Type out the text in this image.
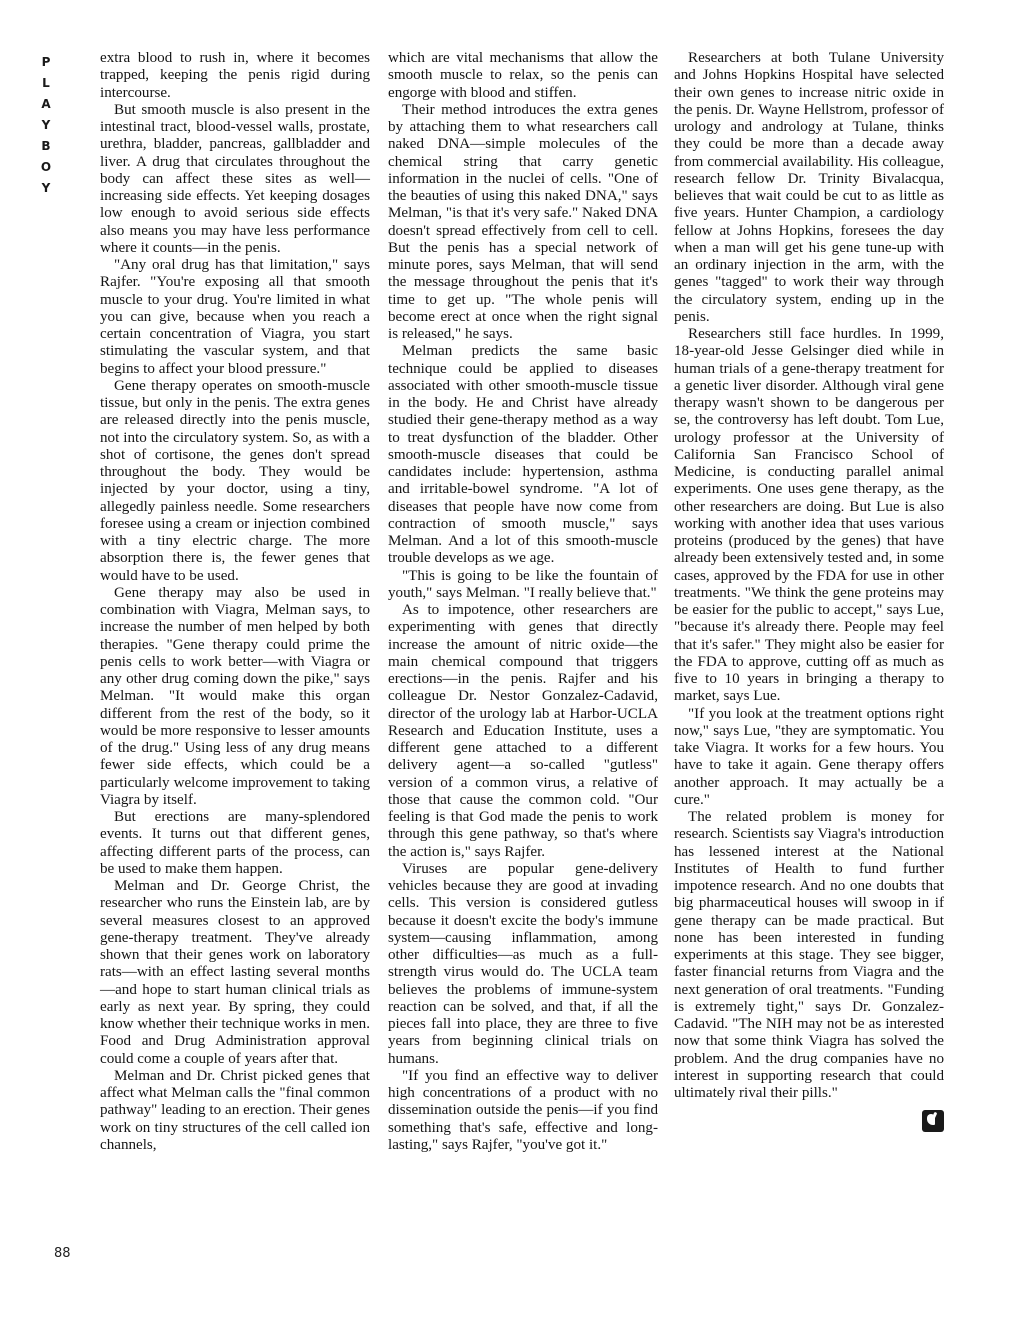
P
L
A
Y
B
O
Y
88

extra blood to rush in, where it becomes trapped, keeping the penis rigid during intercourse.

But smooth muscle is also present in the intestinal tract, blood-vessel walls, prostate, urethra, bladder, pancreas, gallbladder and liver. A drug that circulates throughout the body can affect these sites as well—increasing side effects. Yet keeping dosages low enough to avoid serious side effects also means you may have less performance where it counts—in the penis.

"Any oral drug has that limitation," says Rajfer. "You're exposing all that smooth muscle to your drug. You're limited in what you can give, because when you reach a certain concentration of Viagra, you start stimulating the vascular system, and that begins to affect your blood pressure."

Gene therapy operates on smooth-muscle tissue, but only in the penis. The extra genes are released directly into the penis muscle, not into the circulatory system. So, as with a shot of cortisone, the genes don't spread throughout the body. They would be injected by your doctor, using a tiny, allegedly painless needle. Some researchers foresee using a cream or injection combined with a tiny electric charge. The more absorption there is, the fewer genes that would have to be used.

Gene therapy may also be used in combination with Viagra, Melman says, to increase the number of men helped by both therapies. "Gene therapy could prime the penis cells to work better—with Viagra or any other drug coming down the pike," says Melman. "It would make this organ different from the rest of the body, so it would be more responsive to lesser amounts of the drug." Using less of any drug means fewer side effects, which could be a particularly welcome improvement to taking Viagra by itself.

But erections are many-splendored events. It turns out that different genes, affecting different parts of the process, can be used to make them happen.

Melman and Dr. George Christ, the researcher who runs the Einstein lab, are by several measures closest to an approved gene-therapy treatment. They've already shown that their genes work on laboratory rats—with an effect lasting several months—and hope to start human clinical trials as early as next year. By spring, they could know whether their technique works in men. Food and Drug Administration approval could come a couple of years after that.

Melman and Dr. Christ picked genes that affect what Melman calls the "final common pathway" leading to an erection. Their genes work on tiny structures of the cell called ion channels,

which are vital mechanisms that allow the smooth muscle to relax, so the penis can engorge with blood and stiffen.

Their method introduces the extra genes by attaching them to what researchers call naked DNA—simple molecules of the chemical string that carry genetic information in the nuclei of cells. "One of the beauties of using this naked DNA," says Melman, "is that it's very safe." Naked DNA doesn't spread effectively from cell to cell. But the penis has a special network of minute pores, says Melman, that will send the message throughout the penis that it's time to get up. "The whole penis will become erect at once when the right signal is released," he says.

Melman predicts the same basic technique could be applied to diseases associated with other smooth-muscle tissue in the body. He and Christ have already studied their gene-therapy method as a way to treat dysfunction of the bladder. Other smooth-muscle diseases that could be candidates include: hypertension, asthma and irritable-bowel syndrome. "A lot of diseases that people have now come from contraction of smooth muscle," says Melman. And a lot of this smooth-muscle trouble develops as we age.

"This is going to be like the fountain of youth," says Melman. "I really believe that."

As to impotence, other researchers are experimenting with genes that directly increase the amount of nitric oxide—the main chemical compound that triggers erections—in the penis. Rajfer and his colleague Dr. Nestor Gonzalez-Cadavid, director of the urology lab at Harbor-UCLA Research and Education Institute, uses a different gene attached to a different delivery agent—a so-called "gutless" version of a common virus, a relative of those that cause the common cold. "Our feeling is that God made the penis to work through this gene pathway, so that's where the action is," says Rajfer.

Viruses are popular gene-delivery vehicles because they are good at invading cells. This version is considered gutless because it doesn't excite the body's immune system—causing inflammation, among other difficulties—as much as a full-strength virus would do. The UCLA team believes the problems of immune-system reaction can be solved, and that, if all the pieces fall into place, they are three to five years from beginning clinical trials on humans.

"If you find an effective way to deliver high concentrations of a product with no dissemination outside the penis—if you find something that's safe, effective and long-lasting," says Rajfer, "you've got it."

Researchers at both Tulane University and Johns Hopkins Hospital have selected their own genes to increase nitric oxide in the penis. Dr. Wayne Hellstrom, professor of urology and andrology at Tulane, thinks they could be more than a decade away from commercial availability. His colleague, research fellow Dr. Trinity Bivalacqua, believes that wait could be cut to as little as five years. Hunter Champion, a cardiology fellow at Johns Hopkins, foresees the day when a man will get his gene tune-up with an ordinary injection in the arm, with the genes "tagged" to work their way through the circulatory system, ending up in the penis.

Researchers still face hurdles. In 1999, 18-year-old Jesse Gelsinger died while in human trials of a gene-therapy treatment for a genetic liver disorder. Although viral gene therapy wasn't shown to be dangerous per se, the controversy has left doubt. Tom Lue, urology professor at the University of California San Francisco School of Medicine, is conducting parallel animal experiments. One uses gene therapy, as the other researchers are doing. But Lue is also working with another idea that uses various proteins (produced by the genes) that have already been extensively tested and, in some cases, approved by the FDA for use in other treatments. "We think the gene proteins may be easier for the public to accept," says Lue, "because it's already there. People may feel that it's safer." They might also be easier for the FDA to approve, cutting off as much as five to 10 years in bringing a therapy to market, says Lue.

"If you look at the treatment options right now," says Lue, "they are symptomatic. You take Viagra. It works for a few hours. You have to take it again. Gene therapy offers another approach. It may actually be a cure."

The related problem is money for research. Scientists say Viagra's introduction has lessened interest at the National Institutes of Health to fund further impotence research. And no one doubts that big pharmaceutical houses will swoop in if gene therapy can be made practical. But none has been interested in funding experiments at this stage. They see bigger, faster financial returns from Viagra and the next generation of oral treatments. "Funding is extremely tight," says Dr. Gonzalez-Cadavid. "The NIH may not be as interested now that some think Viagra has solved the problem. And the drug companies have no interest in supporting research that could ultimately rival their pills."
